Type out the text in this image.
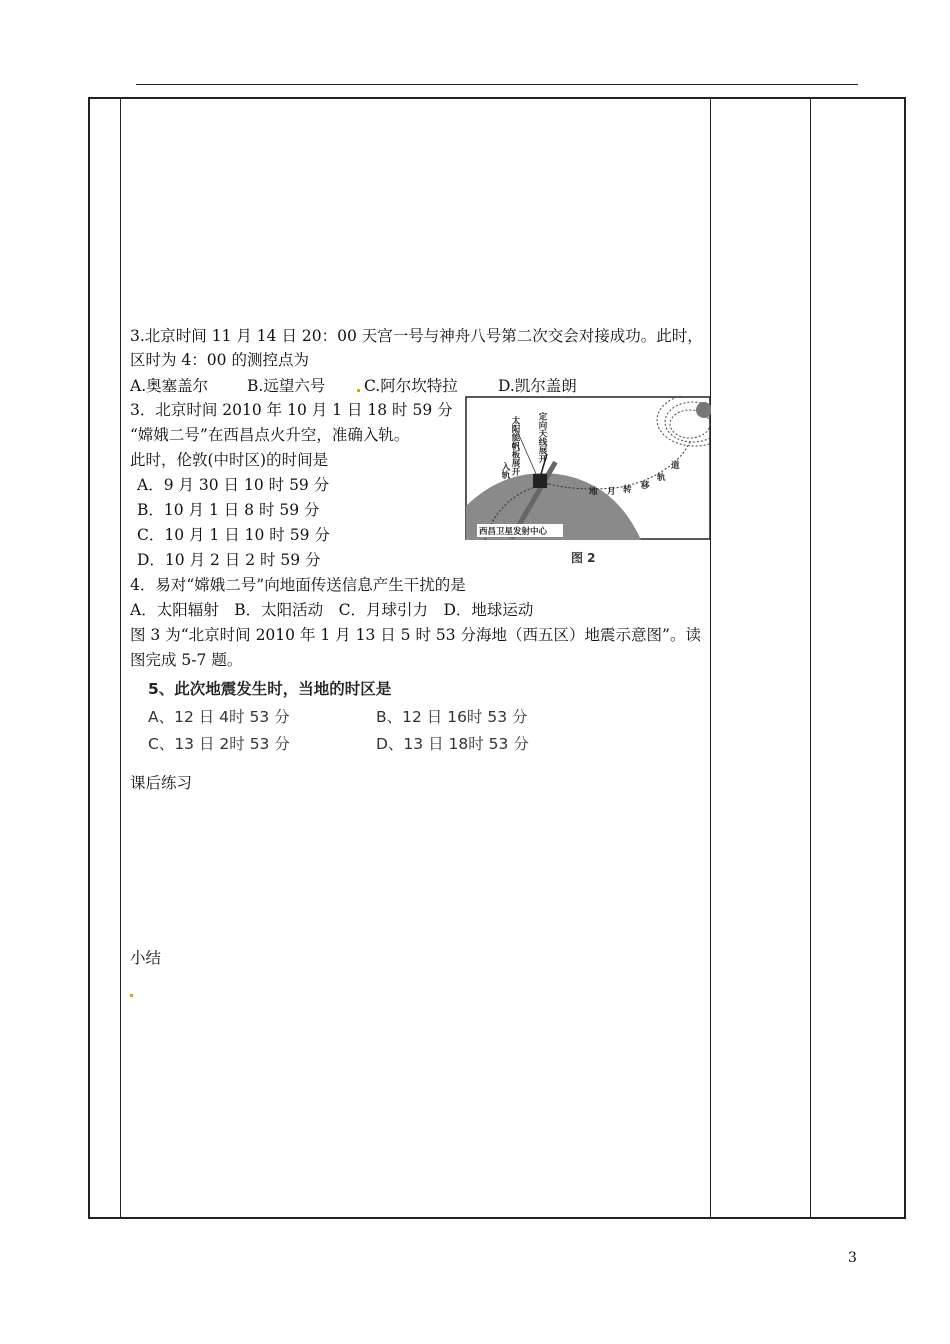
3.北京时间 11 月 14 日 20：00 天宫一号与神舟八号第二次交会对接成功。此时，
区时为 4：00 的测控点为
A.奥塞盖尔	B.远望六号 C.阿尔坎特拉	D.凯尔盖朗
3．北京时间 2010 年 10 月 1 日 18 时 59 分
“嫦娥二号”在西昌点火升空，准确入轨。
此时，伦敦(中时区)的时间是
A．9 月 30 日 10 时 59 分
B．10 月 1 日 8 时 59 分
C．10 月 1 日 10 时 59 分
D．10 月 2 日 2 时 59 分
定向天线展开
太阳能帆板展开
入轨
地 月 转 移
轨
道
西昌卫星发射中心
图 2
4．易对“嫦娥二号”向地面传送信息产生干扰的是
A．太阳辐射　B．太阳活动　C．月球引力　D．地球运动
图 3 为“北京时间 2010 年 1 月 13 日 5 时 53 分海地（西五区）地震示意图”。读
图完成 5-7 题。
5、此次地震发生时，当地的时区是
A、12 日 4时 53 分	B、12 日 16时 53 分
C、13 日 2时 53 分	D、13 日 18时 53 分
课后练习
小结
3
